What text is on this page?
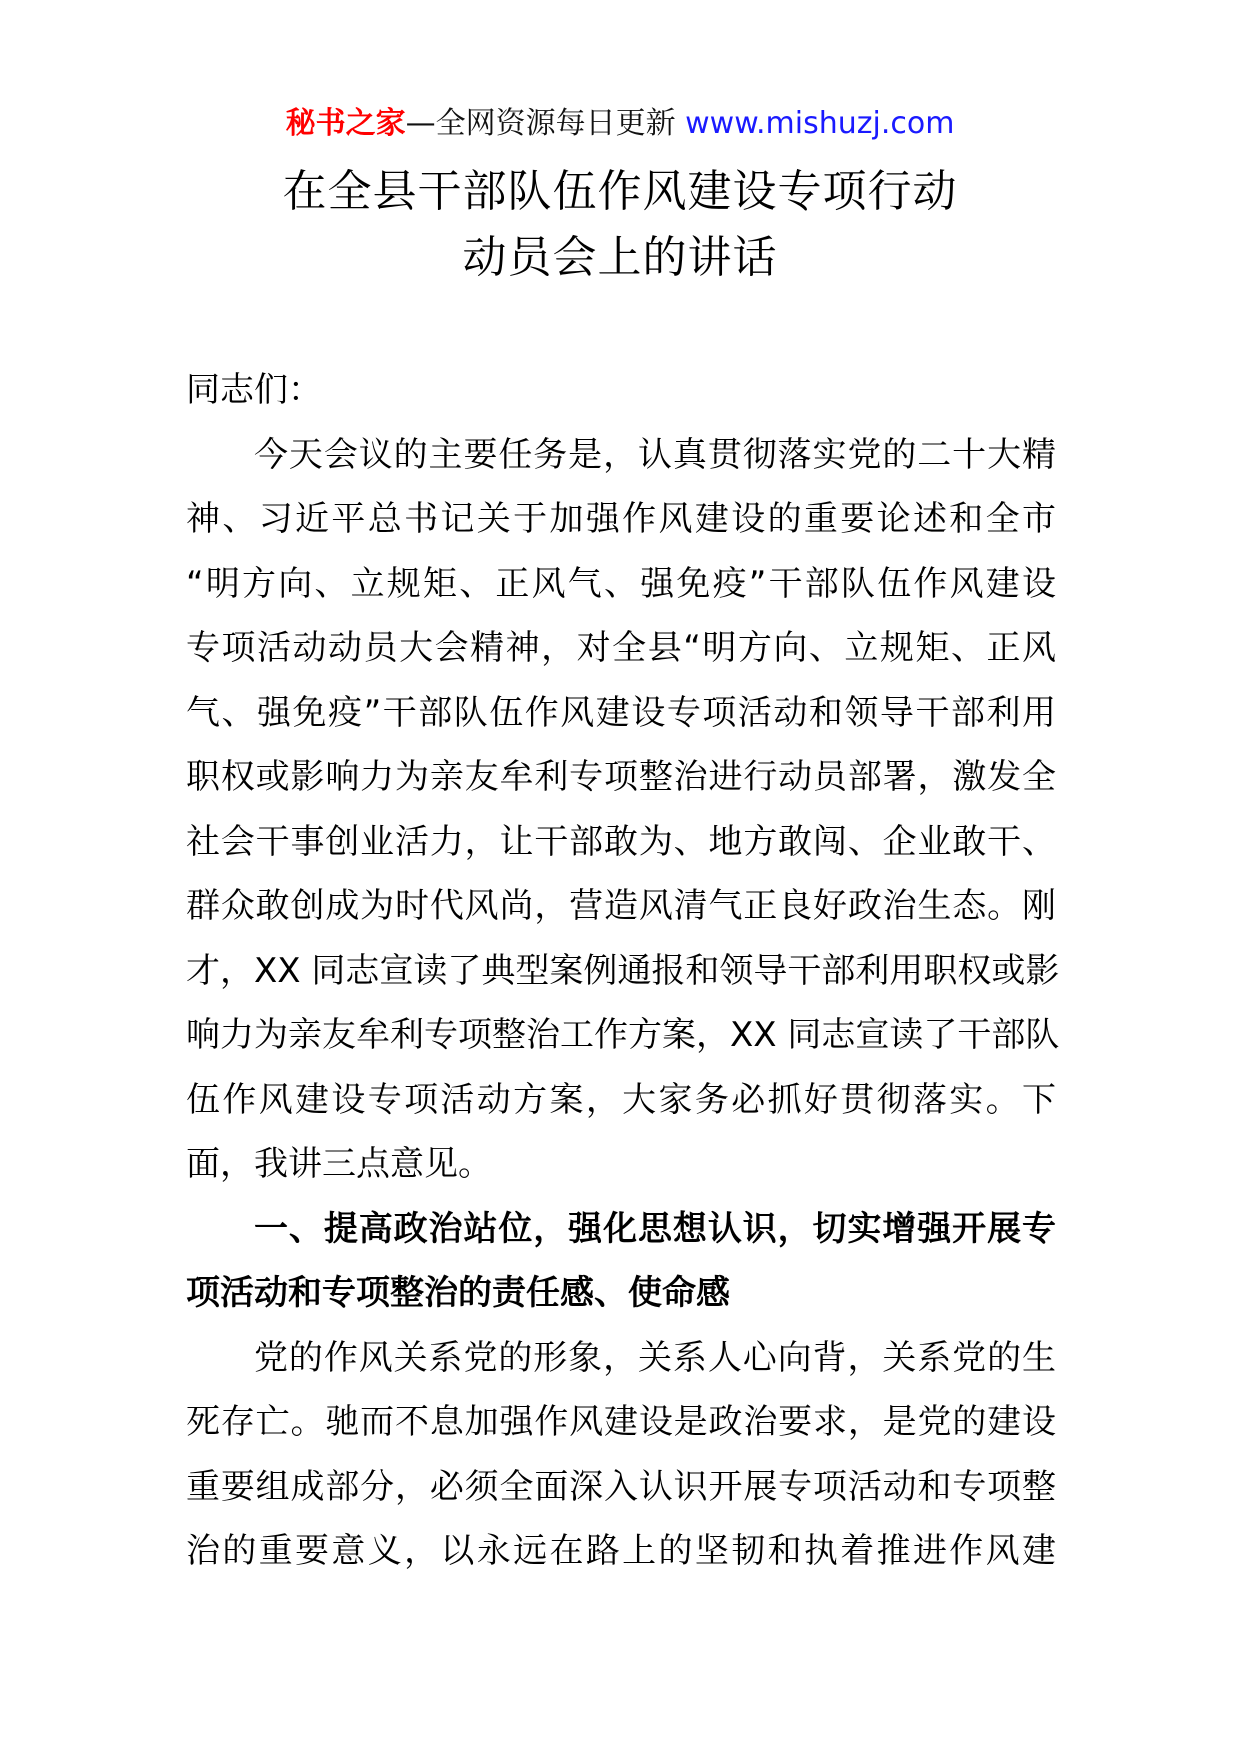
秘书之家—全网资源每日更新 www.mishuzj.com
在全县干部队伍作风建设专项行动
动员会上的讲话
同志们：
今天会议的主要任务是，认真贯彻落实党的二十大精
神、习近平总书记关于加强作风建设的重要论述和全市
“明方向、立规矩、正风气、强免疫”干部队伍作风建设
专项活动动员大会精神，对全县“明方向、立规矩、正风
气、强免疫”干部队伍作风建设专项活动和领导干部利用
职权或影响力为亲友牟利专项整治进行动员部署，激发全
社会干事创业活力，让干部敢为、地方敢闯、企业敢干、
群众敢创成为时代风尚，营造风清气正良好政治生态。刚
才，XX 同志宣读了典型案例通报和领导干部利用职权或影
响力为亲友牟利专项整治工作方案，XX 同志宣读了干部队
伍作风建设专项活动方案，大家务必抓好贯彻落实。下
面，我讲三点意见。
一、提高政治站位，强化思想认识，切实增强开展专
项活动和专项整治的责任感、使命感
党的作风关系党的形象，关系人心向背，关系党的生
死存亡。驰而不息加强作风建设是政治要求，是党的建设
重要组成部分，必须全面深入认识开展专项活动和专项整
治的重要意义，以永远在路上的坚韧和执着推进作风建
